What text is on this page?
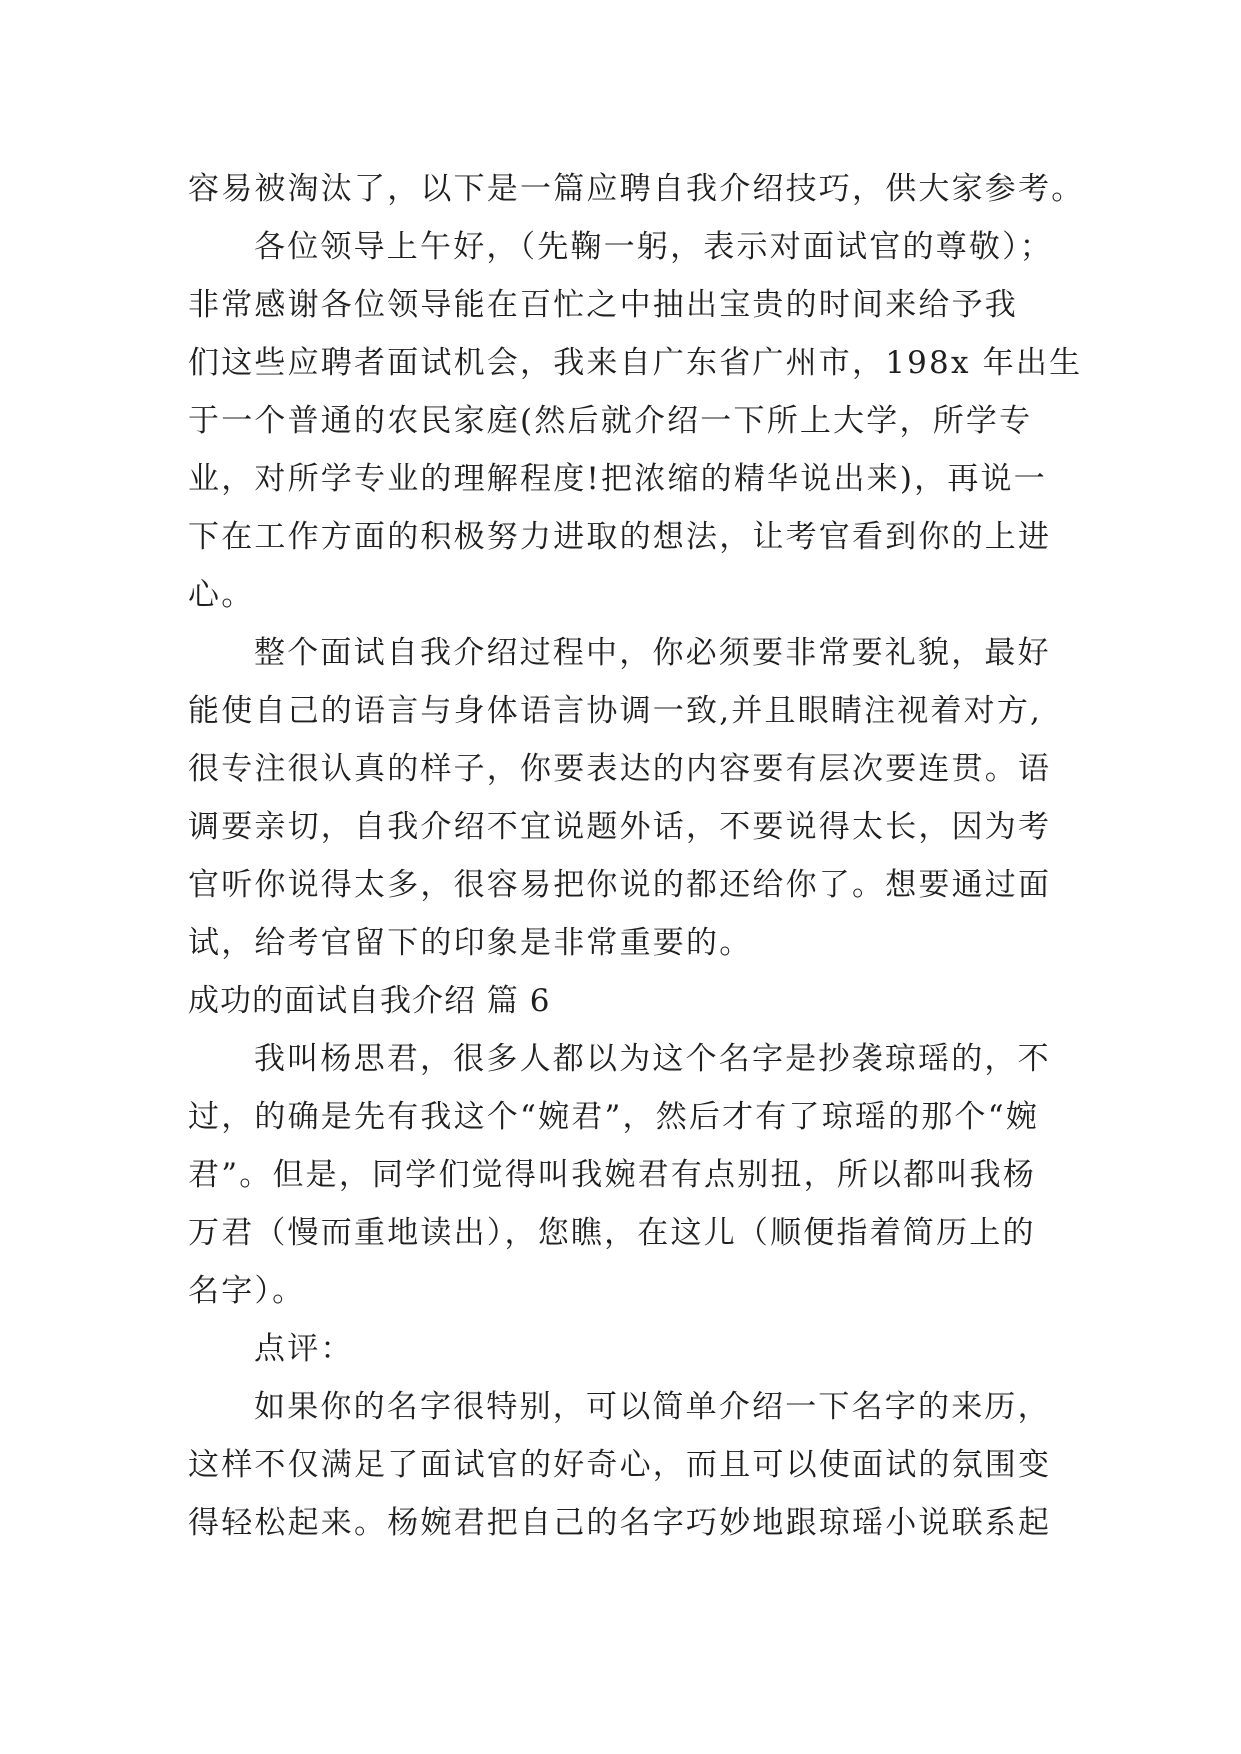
容易被淘汰了，以下是一篇应聘自我介绍技巧，供大家参考。
各位领导上午好，（先鞠一躬，表示对面试官的尊敬）；
非常感谢各位领导能在百忙之中抽出宝贵的时间来给予我
们这些应聘者面试机会，我来自广东省广州市，198x 年出生
于一个普通的农民家庭(然后就介绍一下所上大学，所学专
业，对所学专业的理解程度!把浓缩的精华说出来)，再说一
下在工作方面的积极努力进取的想法，让考官看到你的上进
心。
整个面试自我介绍过程中，你必须要非常要礼貌，最好
能使自己的语言与身体语言协调一致,并且眼睛注视着对方,
很专注很认真的样子，你要表达的内容要有层次要连贯。语
调要亲切，自我介绍不宜说题外话，不要说得太长，因为考
官听你说得太多，很容易把你说的都还给你了。想要通过面
试，给考官留下的印象是非常重要的。
成功的面试自我介绍 篇 6
我叫杨思君，很多人都以为这个名字是抄袭琼瑶的，不
过，的确是先有我这个“婉君”，然后才有了琼瑶的那个“婉
君”。但是，同学们觉得叫我婉君有点别扭，所以都叫我杨
万君（慢而重地读出），您瞧，在这儿（顺便指着简历上的
名字）。
点评：
如果你的名字很特别，可以简单介绍一下名字的来历，
这样不仅满足了面试官的好奇心，而且可以使面试的氛围变
得轻松起来。杨婉君把自己的名字巧妙地跟琼瑶小说联系起
